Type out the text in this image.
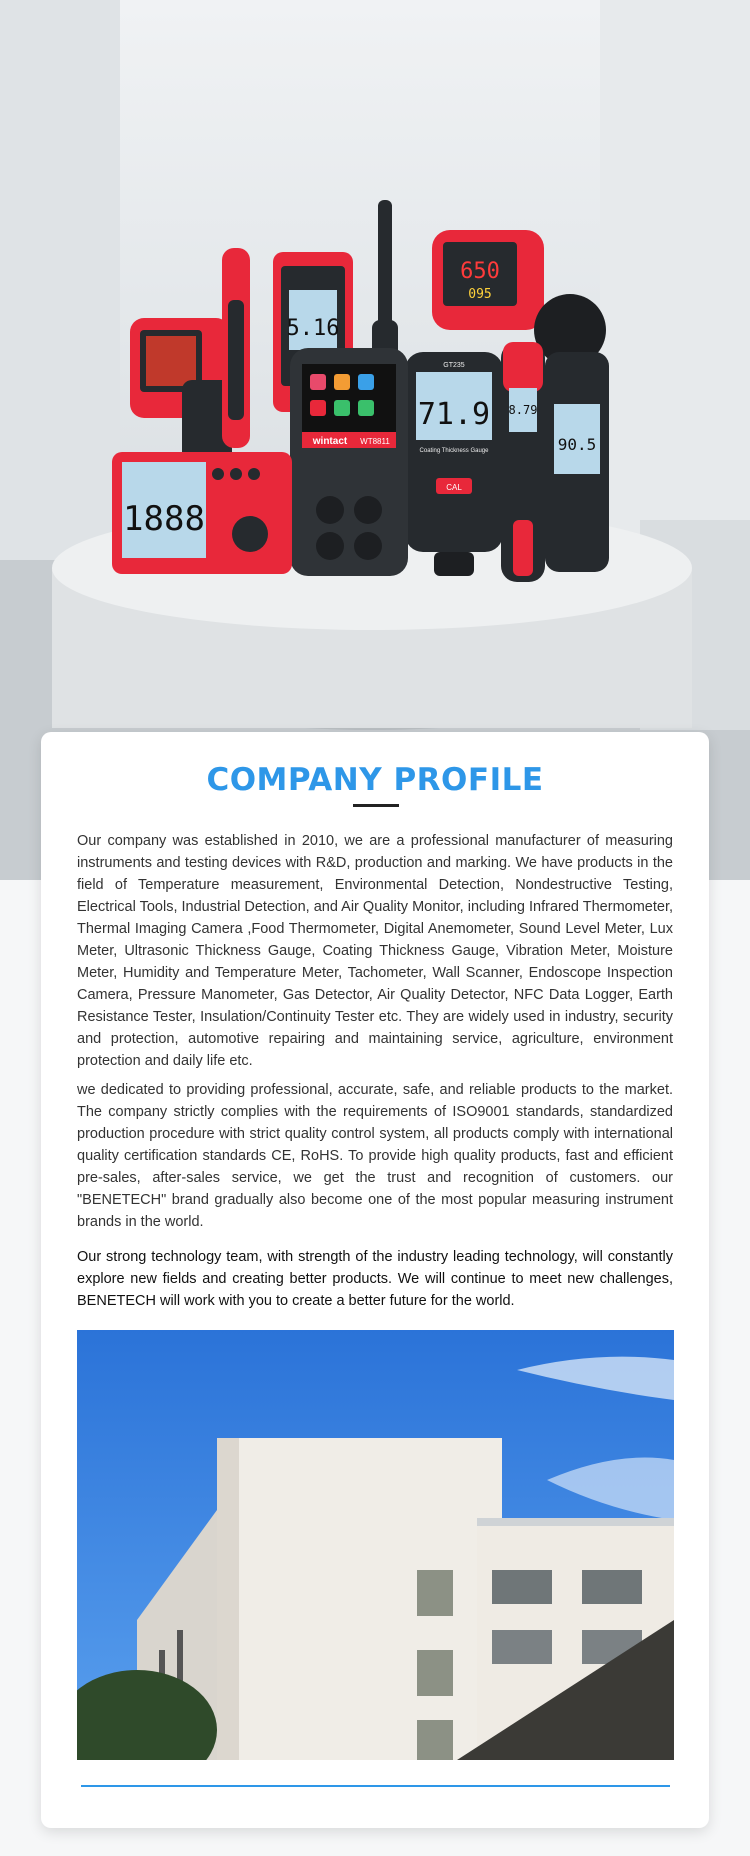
5.16
650
095
90.5
71.9
GT235
Coating Thickness Gauge
CAL
8.79
wintact WT8811
1888
COMPANY PROFILE

Our company was established in 2010, we are a professional manufacturer of measuring instruments and testing devices with R&D, production and marking. We have products in the field of Temperature measurement, Environmental Detection, Nondestructive Testing, Electrical Tools, Industrial Detection, and Air Quality Monitor, including Infrared Thermometer, Thermal Imaging Camera ,Food Thermometer, Digital Anemometer, Sound Level Meter, Lux Meter, Ultrasonic Thickness Gauge, Coating Thickness Gauge, Vibration Meter, Moisture Meter, Humidity and Temperature Meter, Tachometer, Wall Scanner, Endoscope Inspection Camera, Pressure Manometer, Gas Detector, Air Quality Detector, NFC Data Logger, Earth Resistance Tester, Insulation/Continuity Tester etc. They are widely used in industry, security and protection, automotive repairing and maintaining service, agriculture, environment protection and daily life etc.

we dedicated to providing professional, accurate, safe, and reliable products to the market. The company strictly complies with the requirements of ISO9001 standards, standardized production procedure with strict quality control system, all products comply with international quality certification standards CE, RoHS. To provide high quality products, fast and efficient pre-sales, after-sales service, we get the trust and recognition of customers. our "BENETECH" brand gradually also become one of the most popular measuring instrument brands in the world.

Our strong technology team, with strength of the industry leading technology, will constantly explore new fields and creating better products. We will continue to meet new challenges, BENETECH will work with you to create a better future for the world.
